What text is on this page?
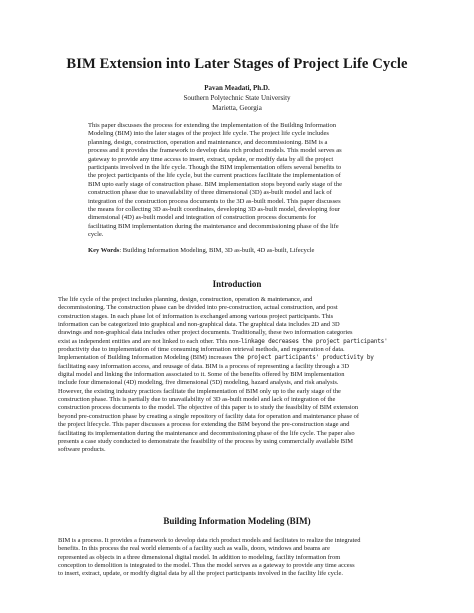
BIM Extension into Later Stages of Project Life Cycle
Pavan Meadati, Ph.D.
Southern Polytechnic State University
Marietta, Georgia
This paper discusses the process for extending the implementation of the Building Information
Modeling (BIM) into the later stages of the project life cycle. The project life cycle includes
planning, design, construction, operation and maintenance, and decommissioning. BIM is a
process and it provides the framework to develop data rich product models. This model serves as
gateway to provide any time access to insert, extract, update, or modify data by all the project
participants involved in the life cycle. Though the BIM implementation offers several benefits to
the project participants of the life cycle, but the current practices facilitate the implementation of
BIM upto early stage of construction phase. BIM implementation stops beyond early stage of the
construction phase due to unavailability of three dimensional (3D) as-built model and lack of
integration of the construction process documents to the 3D as-built model. This paper discusses
the means for collecting 3D as-built coordinates, developing 3D as-built model, developing four
dimensional (4D) as-built model and integration of construction process documents for
facilitating BIM implementation during the maintenance and decommissioning phase of the life
cycle.
Key Words: Building Information Modeling, BIM, 3D as-built, 4D as-built, Lifecycle
Introduction
The life cycle of the project includes planning, design, construction, operation & maintenance, and
decommissioning. The construction phase can be divided into pre-construction, actual construction, and post
construction stages. In each phase lot of information is exchanged among various project participants. This
information can be categorized into graphical and non-graphical data. The graphical data includes 2D and 3D
drawings and non-graphical data includes other project documents. Traditionally, these two information categories
exist as independent entities and are not linked to each other. This non-linkage decreases the project participants'
productivity due to implementation of time consuming information retrieval methods, and regeneration of data.
Implementation of Building Information Modeling (BIM) increases the project participants' productivity by
facilitating easy information access, and reusage of data. BIM is a process of representing a facility through a 3D
digital model and linking the information associated to it. Some of the benefits offered by BIM implementation
include four dimensional (4D) modeling, five dimensional (5D) modeling, hazard analysis, and risk analysis.
However, the existing industry practices facilitate the implementation of BIM only up to the early stage of the
construction phase. This is partially due to unavailability of 3D as-built model and lack of integration of the
construction process documents to the model. The objective of this paper is to study the feasibility of BIM extension
beyond pre-construction phase by creating a single repository of facility data for operation and maintenance phase of
the project lifecycle. This paper discusses a process for extending the BIM beyond the pre-construction stage and
facilitating its implementation during the maintenance and decommissioning phase of the life cycle. The paper also
presents a case study conducted to demonstrate the feasibility of the process by using commercially available BIM
software products.
Building Information Modeling (BIM)
BIM is a process. It provides a framework to develop data rich product models and facilitates to realize the integrated
benefits. In this process the real world elements of a facility such as walls, doors, windows and beams are
represented as objects in a three dimensional digital model. In addition to modeling, facility information from
conception to demolition is integrated to the model. Thus the model serves as a gateway to provide any time access
to insert, extract, update, or modify digital data by all the project participants involved in the facility life cycle.
